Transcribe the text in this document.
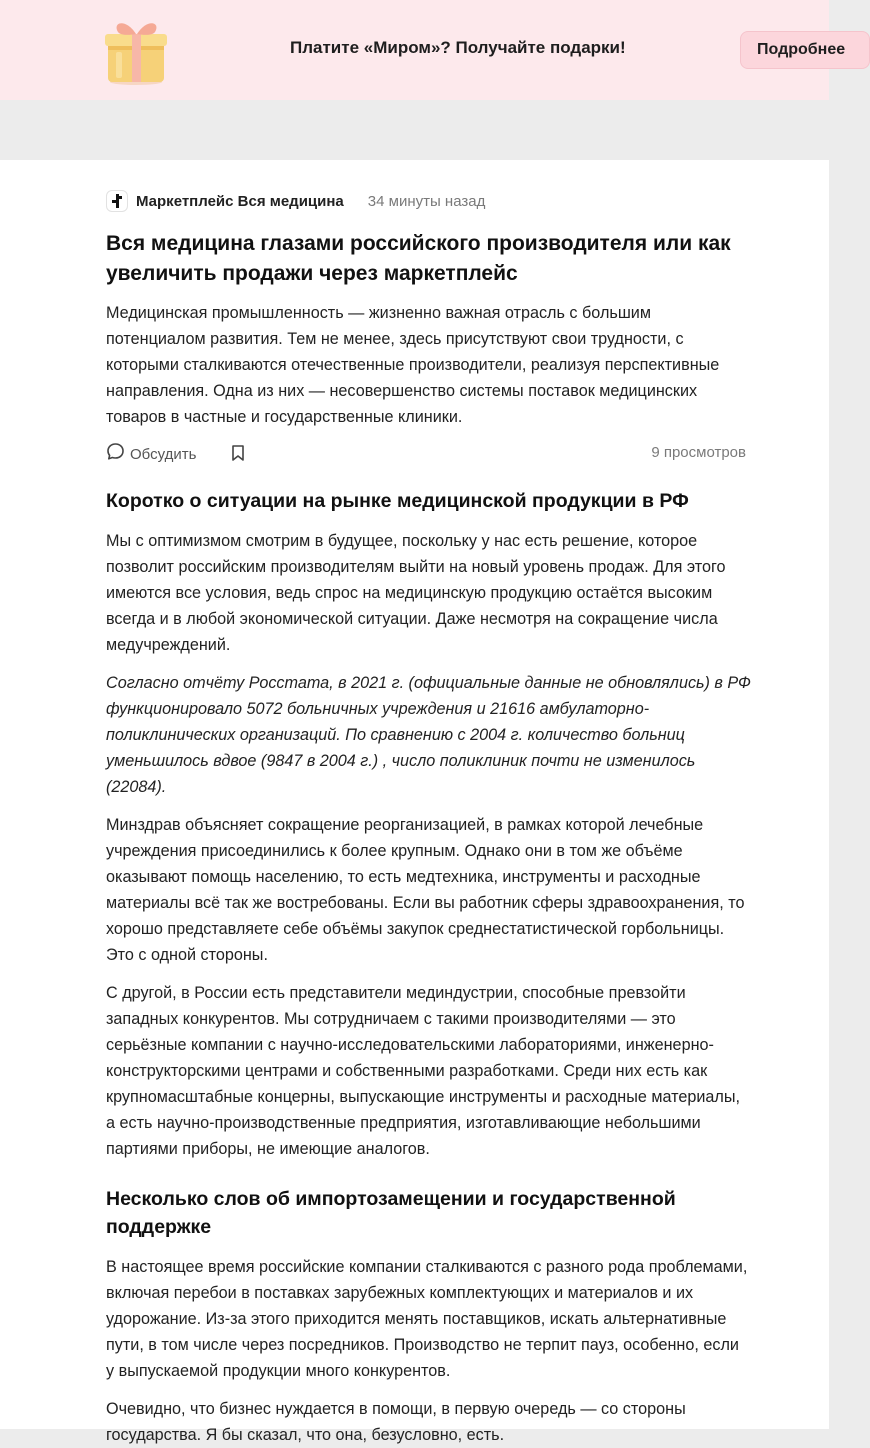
Платите «Миром»? Получайте подарки!	Подробнее
Маркетплейс Вся медицина 34 минуты назад
Вся медицина глазами российского производителя или как увеличить продажи через маркетплейс

Медицинская промышленность — жизненно важная отрасль с большим потенциалом развития. Тем не менее, здесь присутствуют свои трудности, с которыми сталкиваются отечественные производители, реализуя перспективные направления. Одна из них — несовершенство системы поставок медицинских товаров в частные и государственные клиники.

Обсудить	9 просмотров
Коротко о ситуации на рынке медицинской продукции в РФ

Мы с оптимизмом смотрим в будущее, поскольку у нас есть решение, которое позволит российским производителям выйти на новый уровень продаж. Для этого имеются все условия, ведь спрос на медицинскую продукцию остаётся высоким всегда и в любой экономической ситуации. Даже несмотря на сокращение числа медучреждений.

Согласно отчёту Росстата, в 2021 г. (официальные данные не обновлялись) в РФ функционировало 5072 больничных учреждения и 21616 амбулаторно-поликлинических организаций. По сравнению с 2004 г. количество больниц уменьшилось вдвое (9847 в 2004 г.) , число поликлиник почти не изменилось (22084).

Минздрав объясняет сокращение реорганизацией, в рамках которой лечебные учреждения присоединились к более крупным. Однако они в том же объёме оказывают помощь населению, то есть медтехника, инструменты и расходные материалы всё так же востребованы. Если вы работник сферы здравоохранения, то хорошо представляете себе объёмы закупок среднестатистической горбольницы. Это с одной стороны.

С другой, в России есть представители мединдустрии, способные превзойти западных конкурентов. Мы сотрудничаем с такими производителями — это серьёзные компании с научно-исследовательскими лабораториями, инженерно-конструкторскими центрами и собственными разработками. Среди них есть как крупномасштабные концерны, выпускающие инструменты и расходные материалы, а есть научно-производственные предприятия, изготавливающие небольшими партиями приборы, не имеющие аналогов.

Несколько слов об импортозамещении и государственной поддержке

В настоящее время российские компании сталкиваются с разного рода проблемами, включая перебои в поставках зарубежных комплектующих и материалов и их удорожание. Из-за этого приходится менять поставщиков, искать альтернативные пути, в том числе через посредников. Производство не терпит пауз, особенно, если у выпускаемой продукции много конкурентов.

Очевидно, что бизнес нуждается в помощи, в первую очередь — со стороны государства. Я бы сказал, что она, безусловно, есть.
